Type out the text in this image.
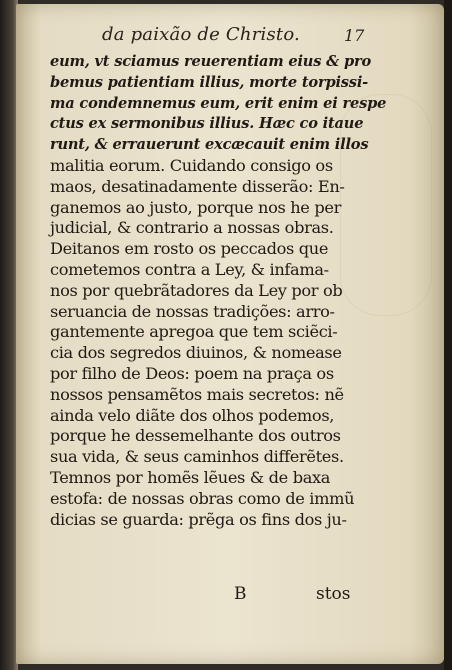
da paixão de Christo.	17
eum, vt sciamus reuerentiam eius & pro
bemus patientiam illius, morte torpissi-
ma condemnemus eum, erit enim ei respe
ctus ex sermonibus illius. Hæc co itaue
runt, & errauerunt excæcauit enim illos
malitia eorum. Cuidando consigo os
maos, desatinadamente disserão: En-
ganemos ao justo, porque nos he per
judicial, & contrario a nossas obras.
Deitanos em rosto os peccados que
cometemos contra a Ley, & infama-
nos por quebrãtadores da Ley por ob
seruancia de nossas tradições: arro-
gantemente apregoa que tem sciẽci-
cia dos segredos diuinos, & nomease
por filho de Deos: poem na praça os
nossos pensamẽtos mais secretos: nẽ
ainda velo diãte dos olhos podemos,
porque he dessemelhante dos outros
sua vida, & seus caminhos differẽtes.
Temnos por homẽs lẽues & de baxa
estofa: de nossas obras como de immũ
dicias se guarda: prẽga os fins dos ju-
B	stos
